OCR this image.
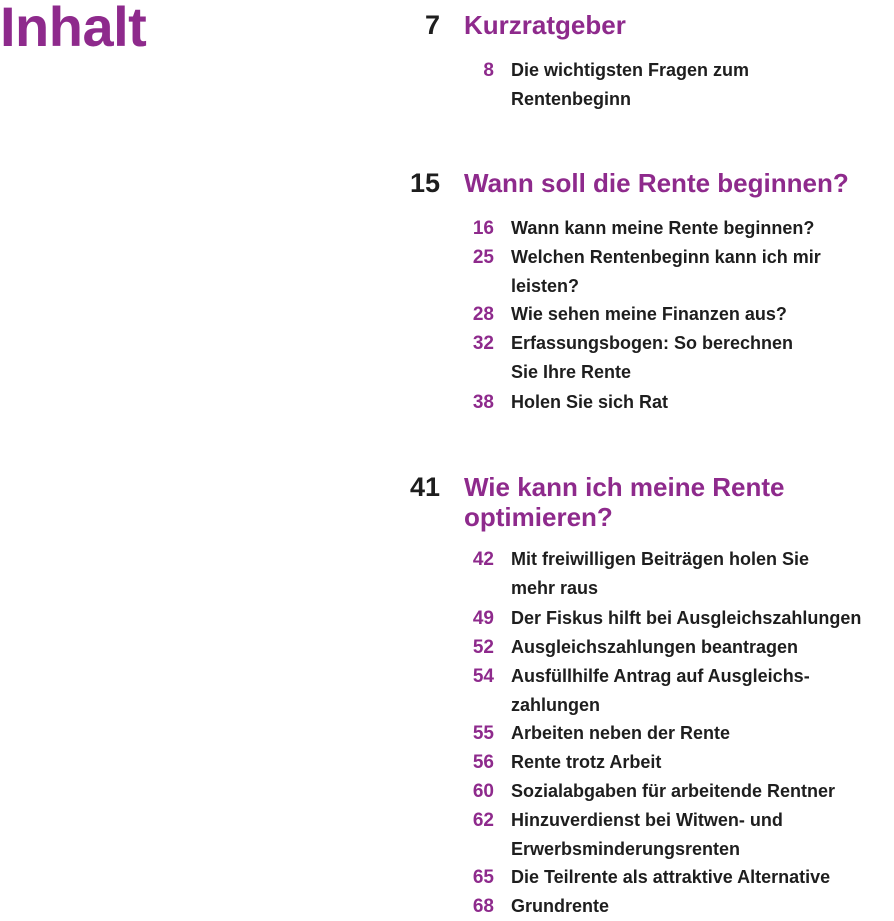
Inhalt	7 Kurzratgeber
8 Die wichtigsten Fragen zum
Rentenbeginn
15 Wann soll die Rente beginnen?
16 Wann kann meine Rente beginnen?
25 Welchen Rentenbeginn kann ich mir
leisten?
28 Wie sehen meine Finanzen aus?
32 Erfassungsbogen: So berechnen
Sie Ihre Rente
38 Holen Sie sich Rat
41 Wie kann ich meine Rente
optimieren?
42 Mit freiwilligen Beiträgen holen Sie
mehr raus
49 Der Fiskus hilft bei Ausgleichszahlungen
52 Ausgleichszahlungen beantragen
54 Ausfüllhilfe Antrag auf Ausgleichs-
zahlungen
55 Arbeiten neben der Rente
56 Rente trotz Arbeit
60 Sozialabgaben für arbeitende Rentner
62 Hinzuverdienst bei Witwen- und
Erwerbsminderungsrenten
65 Die Teilrente als attraktive Alternative
68 Grundrente
